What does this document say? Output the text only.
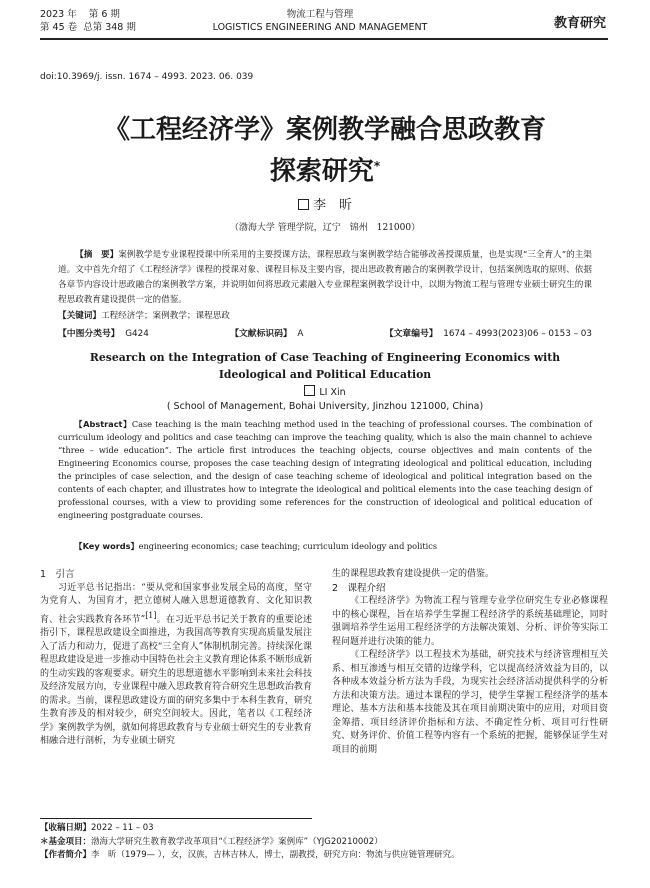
2023 年 第 6 期
第 45 卷 总第 348 期
物流工程与管理
LOGISTICS ENGINEERING AND MANAGEMENT	教育研究
doi:10.3969/j. issn. 1674 – 4993. 2023. 06. 039
《工程经济学》案例教学融合思政教育
探索研究*
李　昕
（渤海大学 管理学院，辽宁　锦州　121000）
【摘　要】案例教学是专业课程授课中所采用的主要授课方法，课程思政与案例教学结合能够改善授课质量，也是实现“三全育人”的主渠道。文中首先介绍了《工程经济学》课程的授课对象、课程目标及主要内容，提出思政教育融合的案例教学设计，包括案例选取的原则、依据各章节内容设计思政融合的案例教学方案，并说明如何将思政元素融入专业课程案例教学设计中，以期为物流工程与管理专业硕士研究生的课程思政教育建设提供一定的借鉴。
【关键词】工程经济学；案例教学；课程思政
【中图分类号】 G424	【文献标识码】 A	【文章编号】 1674 – 4993(2023)06 – 0153 – 03
Research on the Integration of Case Teaching of Engineering Economics with
Ideological and Political Education
LI Xin
( School of Management, Bohai University, Jinzhou 121000, China)
【Abstract】Case teaching is the main teaching method used in the teaching of professional courses. The combination of curriculum ideology and politics and case teaching can improve the teaching quality, which is also the main channel to achieve “three – wide education”. The article first introduces the teaching objects, course objectives and main contents of the Engineering Economics course, proposes the case teaching design of integrating ideological and political education, including the principles of case selection, and the design of case teaching scheme of ideological and political integration based on the contents of each chapter, and illustrates how to integrate the ideological and political elements into the case teaching design of professional courses, with a view to providing some references for the construction of ideological and political education of engineering postgraduate courses.
【Key words】engineering economics; case teaching; curriculum ideology and politics
1　引言
习近平总书记指出：“要从党和国家事业发展全局的高度，坚守为党育人、为国育才，把立德树人融入思想道德教育、文化知识教育、社会实践教育各环节”[1]。在习近平总书记关于教育的重要论述指引下，课程思政建设全面推进，为我国高等教育实现高质量发展注入了活力和动力，促进了高校“三全育人”体制机制完善。持续深化课程思政建设是进一步推动中国特色社会主义教育理论体系不断形成新的生动实践的客观要求。研究生的思想道德水平影响到未来社会科技及经济发展方向，专业课程中融入思政教育符合研究生思想政治教育的需求。当前，课程思政建设方面的研究多集中于本科生教育，研究生教育涉及的相对较少，研究空间较大。因此，笔者以《工程经济学》案例教学为例，就如何将思政教育与专业硕士研究生的专业教育相融合进行剖析，为专业硕士研究
生的课程思政教育建设提供一定的借鉴。
2　课程介绍
《工程经济学》为物流工程与管理专业学位研究生专业必修课程中的核心课程，旨在培养学生掌握工程经济学的系统基础理论，同时强调培养学生运用工程经济学的方法解决策划、分析、评价等实际工程问题并进行决策的能力。
《工程经济学》以工程技术为基础，研究技术与经济管理相互关系、相互渗透与相互交错的边缘学科，它以提高经济效益为目的，以各种成本效益分析方法为手段，为现实社会经济活动提供科学的分析方法和决策方法。通过本课程的学习，使学生掌握工程经济学的基本理论、基本方法和基本技能及其在项目前期决策中的应用，对项目资金筹措、项目经济评价指标和方法、不确定性分析、项目可行性研究、财务评价、价值工程等内容有一个系统的把握，能够保证学生对项目的前期
【收稿日期】2022 – 11 – 03
＊基金项目：渤海大学研究生教育教学改革项目“《工程经济学》案例库”（YJG20210002）
【作者简介】李　昕（1979— ），女，汉族，吉林吉林人，博士，副教授，研究方向：物流与供应链管理研究。
